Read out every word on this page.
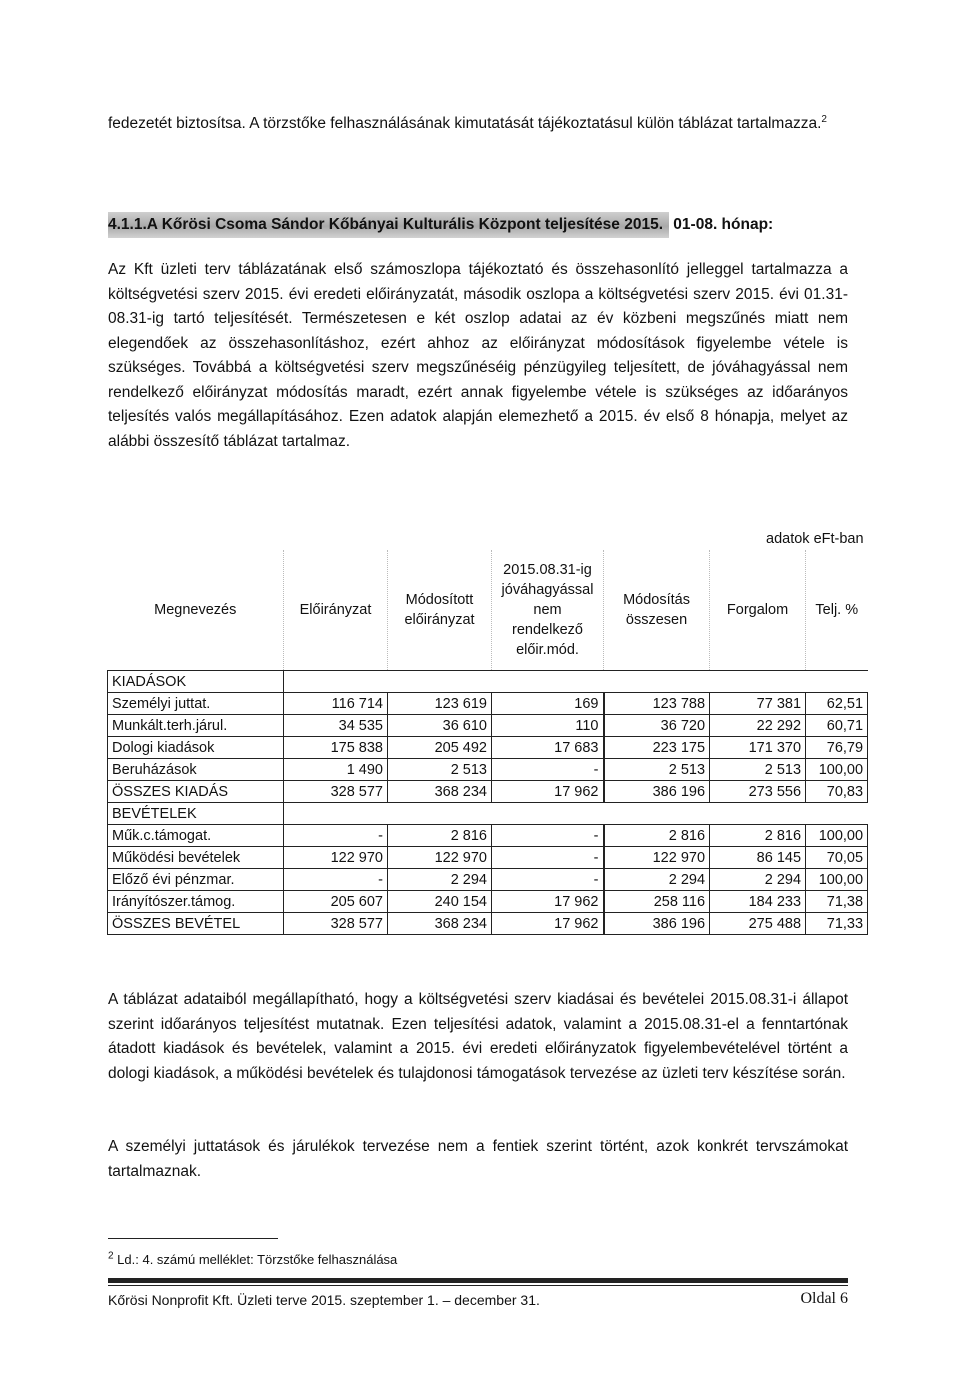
fedezetét biztosítsa. A törzstőke felhasználásának kimutatását tájékoztatásul külön táblázat tartalmazza.$^2$
4.1.1.A Kőrösi Csoma Sándor Kőbányai Kulturális Központ teljesítése 2015. 01-08. hónap:
Az Kft üzleti terv táblázatának első számoszlopa tájékoztató és összehasonlító jelleggel tartalmazza a költségvetési szerv 2015. évi eredeti előirányzatát, második oszlopa a költségvetési szerv 2015. évi 01.31-08.31-ig tartó teljesítését. Természetesen e két oszlop adatai az év közbeni megszűnés miatt nem elegendőek az összehasonlításhoz, ezért ahhoz az előirányzat módosítások figyelembe vétele is szükséges. Továbbá a költségvetési szerv megszűnéséig pénzügyileg teljesített, de jóváhagyással nem rendelkező előirányzat módosítás maradt, ezért annak figyelembe vétele is szükséges az időarányos teljesítés valós megállapításához. Ezen adatok alapján elemezhető a 2015. év első 8 hónapja, melyet az alábbi összesítő táblázat tartalmaz.
					adatok eFt-ban	
Megnevezés	Előirányzat	Módosított előirányzat	2015.08.31-ig jóváhagyással nem rendelkező előir.mód.	Módosítás összesen	Forgalom	Telj. %
KIADÁSOK						
Személyi juttat.	116 714	123 619	169	123 788	77 381	62,51
Munkált.terh.járul.	34 535	36 610	110	36 720	22 292	60,71
Dologi kiadások	175 838	205 492	17 683	223 175	171 370	76,79
Beruházások	1 490	2 513	-	2 513	2 513	100,00
ÖSSZES KIADÁS	328 577	368 234	17 962	386 196	273 556	70,83
BEVÉTELEK						
Műk.c.támogat.	-	2 816	-	2 816	2 816	100,00
Működési bevételek	122 970	122 970	-	122 970	86 145	70,05
Előző évi pénzmar.	-	2 294	-	2 294	2 294	100,00
Irányítószer.támog.	205 607	240 154	17 962	258 116	184 233	71,38
ÖSSZES BEVÉTEL	328 577	368 234	17 962	386 196	275 488	71,33
A táblázat adataiból megállapítható, hogy a költségvetési szerv kiadásai és bevételei 2015.08.31-i állapot szerint időarányos teljesítést mutatnak. Ezen teljesítési adatok, valamint a 2015.08.31-el a fenntartónak átadott kiadások és bevételek, valamint a 2015. évi eredeti előirányzatok figyelembevételével történt a dologi kiadások, a működési bevételek és tulajdonosi támogatások tervezése az üzleti terv készítése során.
A személyi juttatások és járulékok tervezése nem a fentiek szerint történt, azok konkrét tervszámokat tartalmaznak.
$^2$ Ld.: 4. számú melléklet: Törzstőke felhasználása
Kőrösi Nonprofit Kft. Üzleti terve 2015. szeptember 1. – december 31.	Oldal 6
